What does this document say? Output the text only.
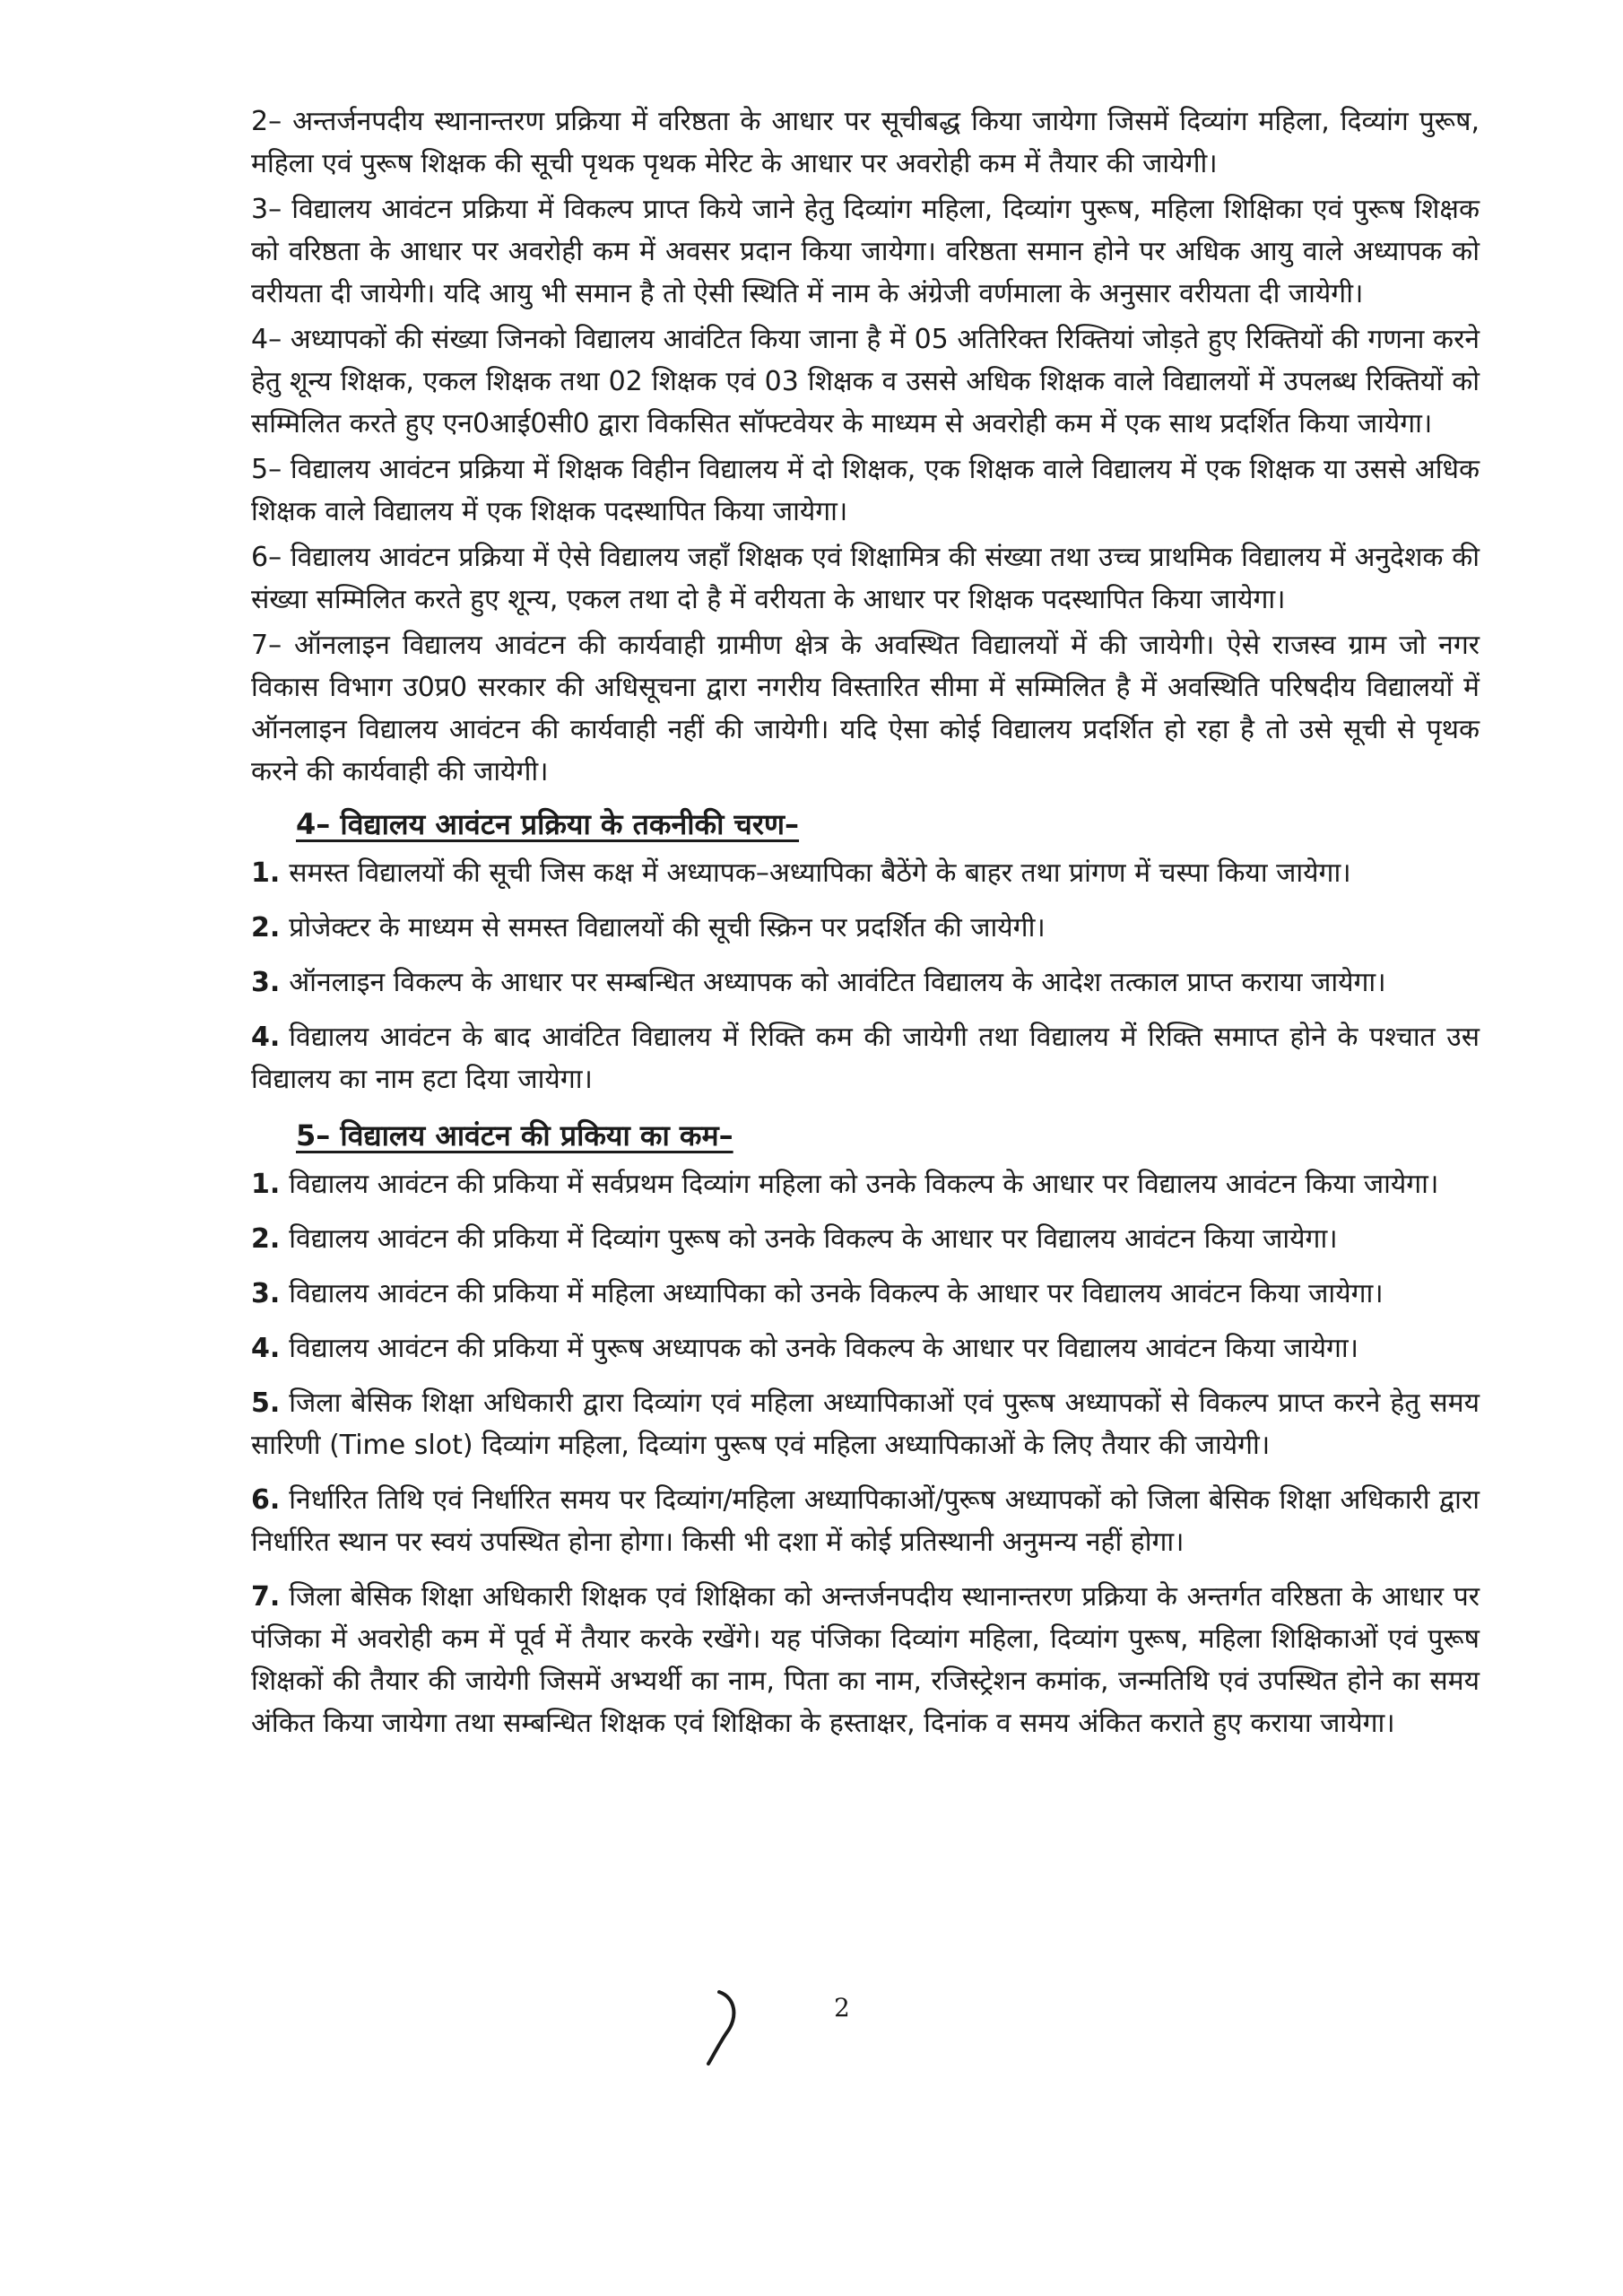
2– अन्तर्जनपदीय स्थानान्तरण प्रक्रिया में वरिष्ठता के आधार पर सूचीबद्ध किया जायेगा जिसमें दिव्यांग महिला, दिव्यांग पुरूष, महिला एवं पुरूष शिक्षक की सूची पृथक पृथक मेरिट के आधार पर अवरोही कम में तैयार की जायेगी।

3– विद्यालय आवंटन प्रक्रिया में विकल्प प्राप्त किये जाने हेतु दिव्यांग महिला, दिव्यांग पुरूष, महिला शिक्षिका एवं पुरूष शिक्षक को वरिष्ठता के आधार पर अवरोही कम में अवसर प्रदान किया जायेगा। वरिष्ठता समान होने पर अधिक आयु वाले अध्यापक को वरीयता दी जायेगी। यदि आयु भी समान है तो ऐसी स्थिति में नाम के अंग्रेजी वर्णमाला के अनुसार वरीयता दी जायेगी।

4– अध्यापकों की संख्या जिनको विद्यालय आवंटित किया जाना है में 05 अतिरिक्त रिक्तियां जोड़ते हुए रिक्तियों की गणना करने हेतु शून्य शिक्षक, एकल शिक्षक तथा 02 शिक्षक एवं 03 शिक्षक व उससे अधिक शिक्षक वाले विद्यालयों में उपलब्ध रिक्तियों को सम्मिलित करते हुए एन0आई0सी0 द्वारा विकसित सॉफ्टवेयर के माध्यम से अवरोही कम में एक साथ प्रदर्शित किया जायेगा।

5– विद्यालय आवंटन प्रक्रिया में शिक्षक विहीन विद्यालय में दो शिक्षक, एक शिक्षक वाले विद्यालय में एक शिक्षक या उससे अधिक शिक्षक वाले विद्यालय में एक शिक्षक पदस्थापित किया जायेगा।

6– विद्यालय आवंटन प्रक्रिया में ऐसे विद्यालय जहाँ शिक्षक एवं शिक्षामित्र की संख्या तथा उच्च प्राथमिक विद्यालय में अनुदेशक की संख्या सम्मिलित करते हुए शून्य, एकल तथा दो है में वरीयता के आधार पर शिक्षक पदस्थापित किया जायेगा।

7– ऑनलाइन विद्यालय आवंटन की कार्यवाही ग्रामीण क्षेत्र के अवस्थित विद्यालयों में की जायेगी। ऐसे राजस्व ग्राम जो नगर विकास विभाग उ0प्र0 सरकार की अधिसूचना द्वारा नगरीय विस्तारित सीमा में सम्मिलित है में अवस्थिति परिषदीय विद्यालयों में ऑनलाइन विद्यालय आवंटन की कार्यवाही नहीं की जायेगी। यदि ऐसा कोई विद्यालय प्रदर्शित हो रहा है तो उसे सूची से पृथक करने की कार्यवाही की जायेगी।

4– विद्यालय आवंटन प्रक्रिया के तकनीकी चरण–
1. समस्त विद्यालयों की सूची जिस कक्ष में अध्यापक–अध्यापिका बैठेंगे के बाहर तथा प्रांगण में चस्पा किया जायेगा।
2. प्रोजेक्टर के माध्यम से समस्त विद्यालयों की सूची स्क्रिन पर प्रदर्शित की जायेगी।
3. ऑनलाइन विकल्प के आधार पर सम्बन्धित अध्यापक को आवंटित विद्यालय के आदेश तत्काल प्राप्त कराया जायेगा।
4. विद्यालय आवंटन के बाद आवंटित विद्यालय में रिक्ति कम की जायेगी तथा विद्यालय में रिक्ति समाप्त होने के पश्चात उस विद्यालय का नाम हटा दिया जायेगा।
5– विद्यालय आवंटन की प्रकिया का कम–
1. विद्यालय आवंटन की प्रकिया में सर्वप्रथम दिव्यांग महिला को उनके विकल्प के आधार पर विद्यालय आवंटन किया जायेगा।
2. विद्यालय आवंटन की प्रकिया में दिव्यांग पुरूष को उनके विकल्प के आधार पर विद्यालय आवंटन किया जायेगा।
3. विद्यालय आवंटन की प्रकिया में महिला अध्यापिका को उनके विकल्प के आधार पर विद्यालय आवंटन किया जायेगा।
4. विद्यालय आवंटन की प्रकिया में पुरूष अध्यापक को उनके विकल्प के आधार पर विद्यालय आवंटन किया जायेगा।
5. जिला बेसिक शिक्षा अधिकारी द्वारा दिव्यांग एवं महिला अध्यापिकाओं एवं पुरूष अध्यापकों से विकल्प प्राप्त करने हेतु समय सारिणी (Time slot) दिव्यांग महिला, दिव्यांग पुरूष एवं महिला अध्यापिकाओं के लिए तैयार की जायेगी।
6. निर्धारित तिथि एवं निर्धारित समय पर दिव्यांग/महिला अध्यापिकाओं/पुरूष अध्यापकों को जिला बेसिक शिक्षा अधिकारी द्वारा निर्धारित स्थान पर स्वयं उपस्थित होना होगा। किसी भी दशा में कोई प्रतिस्थानी अनुमन्य नहीं होगा।
7. जिला बेसिक शिक्षा अधिकारी शिक्षक एवं शिक्षिका को अन्तर्जनपदीय स्थानान्तरण प्रक्रिया के अन्तर्गत वरिष्ठता के आधार पर पंजिका में अवरोही कम में पूर्व में तैयार करके रखेंगे। यह पंजिका दिव्यांग महिला, दिव्यांग पुरूष, महिला शिक्षिकाओं एवं पुरूष शिक्षकों की तैयार की जायेगी जिसमें अभ्यर्थी का नाम, पिता का नाम, रजिस्ट्रेशन कमांक, जन्मतिथि एवं उपस्थित होने का समय अंकित किया जायेगा तथा सम्बन्धित शिक्षक एवं शिक्षिका के हस्ताक्षर, दिनांक व समय अंकित कराते हुए कराया जायेगा।
2
